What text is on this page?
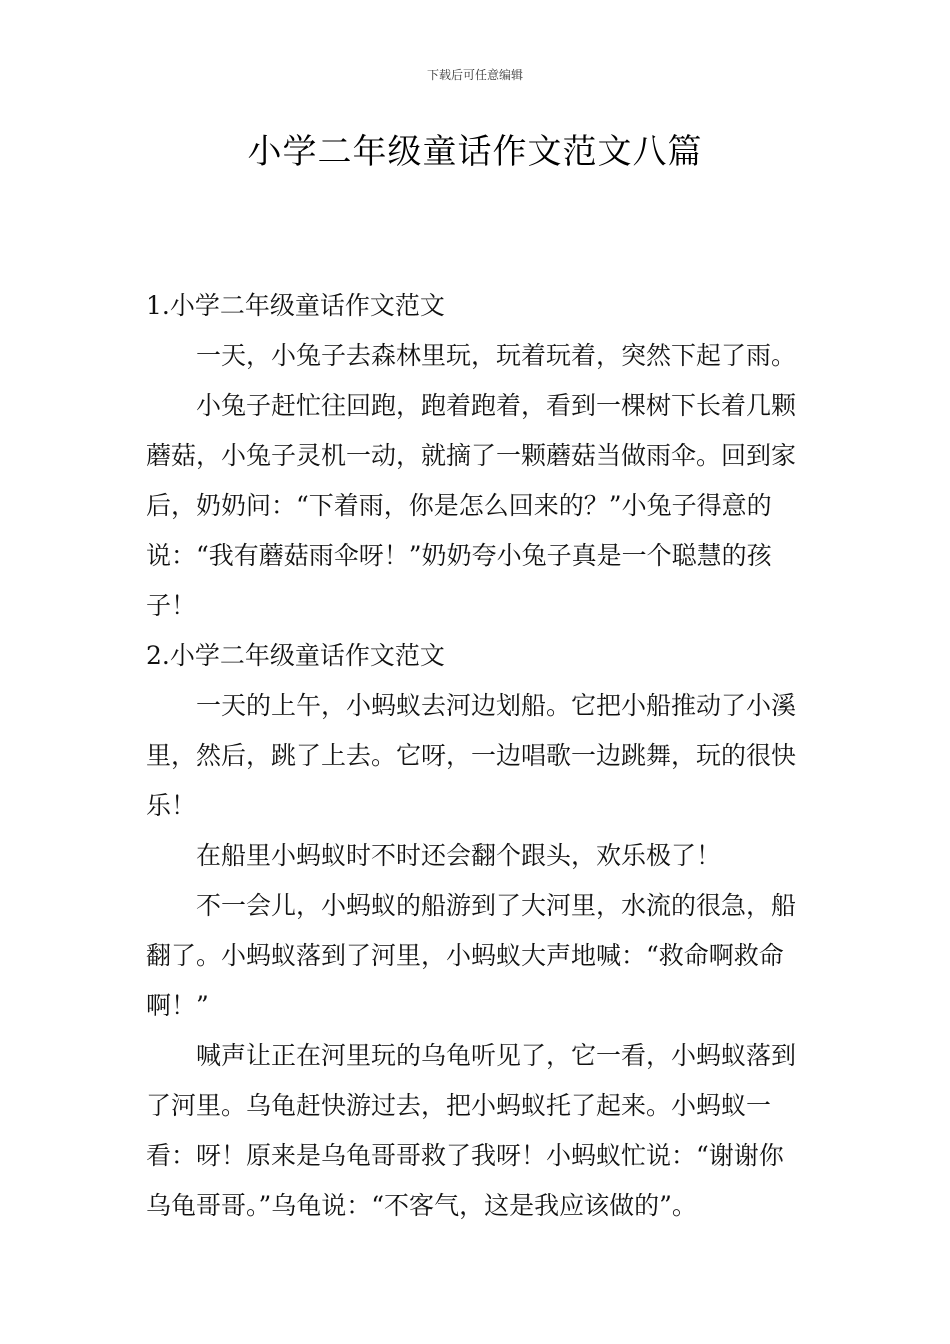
下载后可任意编辑
小学二年级童话作文范文八篇

1.小学二年级童话作文范文

一天，小兔子去森林里玩，玩着玩着，突然下起了雨。

小兔子赶忙往回跑，跑着跑着，看到一棵树下长着几颗蘑菇，小兔子灵机一动，就摘了一颗蘑菇当做雨伞。回到家后，奶奶问：“下着雨，你是怎么回来的？”小兔子得意的说：“我有蘑菇雨伞呀！”奶奶夸小兔子真是一个聪慧的孩子！

2.小学二年级童话作文范文

一天的上午，小蚂蚁去河边划船。它把小船推动了小溪里，然后，跳了上去。它呀，一边唱歌一边跳舞，玩的很快乐！

在船里小蚂蚁时不时还会翻个跟头，欢乐极了！

不一会儿，小蚂蚁的船游到了大河里，水流的很急，船翻了。小蚂蚁落到了河里，小蚂蚁大声地喊：“救命啊救命啊！”

喊声让正在河里玩的乌龟听见了，它一看，小蚂蚁落到了河里。乌龟赶快游过去，把小蚂蚁托了起来。小蚂蚁一看：呀！原来是乌龟哥哥救了我呀！小蚂蚁忙说：“谢谢你乌龟哥哥。”乌龟说：“不客气，这是我应该做的”。
